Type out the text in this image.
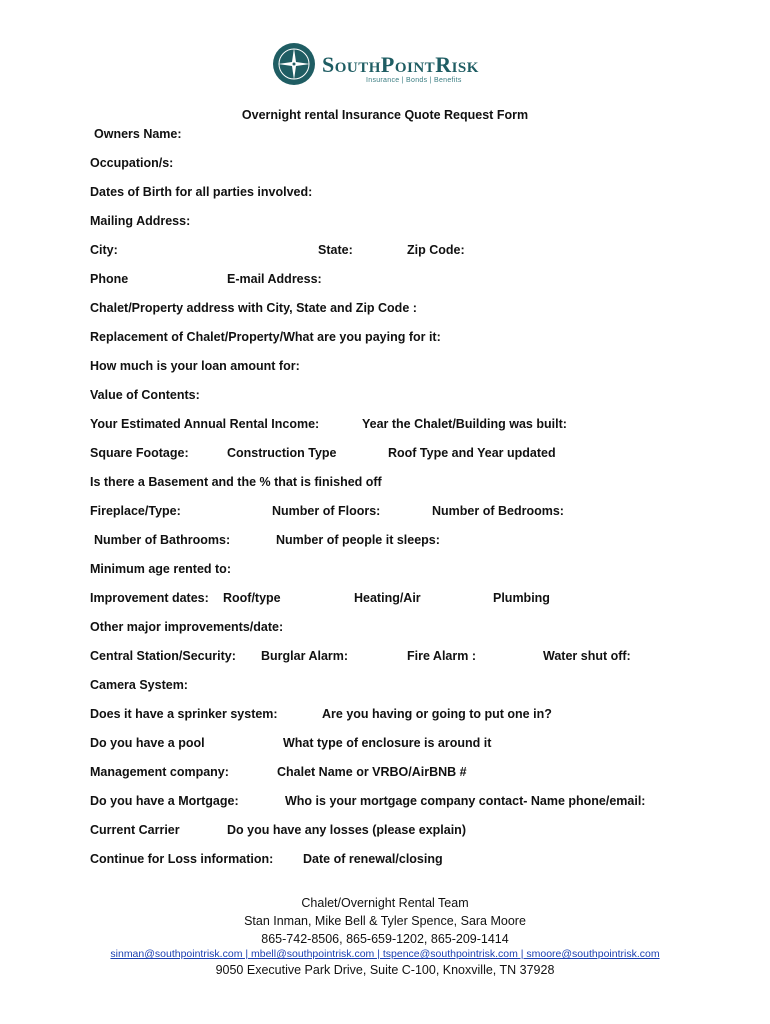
SouthPointRisk
Insurance | Bonds | Benefits
Overnight rental Insurance Quote Request Form
Owners Name:
Occupation/s:
Dates of Birth for all parties involved:
Mailing Address:
City:	State:	Zip Code:
Phone	E-mail Address:
Chalet/Property address with City, State and Zip Code :
Replacement of Chalet/Property/What are you paying for it:
How much is your loan amount for:
Value of Contents:
Your Estimated Annual Rental Income:	Year the Chalet/Building was built:
Square Footage:	Construction Type	Roof Type and Year updated
Is there a Basement and the % that is finished off
Fireplace/Type:	Number of Floors:	Number of Bedrooms:
Number of Bathrooms:	Number of people it sleeps:
Minimum age rented to:
Improvement dates: Roof/type	Heating/Air	Plumbing
Other major improvements/date:
Central Station/Security: Burglar Alarm:	Fire Alarm :	Water shut off:
Camera System:
Does it have a sprinker system:	Are you having or going to put one in?
Do you have a pool	What type of enclosure is around it
Management company:	Chalet Name or VRBO/AirBNB #
Do you have a Mortgage:	Who is your mortgage company contact- Name phone/email:
Current Carrier	Do you have any losses (please explain)
Continue for Loss information: Date of renewal/closing
Chalet/Overnight Rental Team
Stan Inman, Mike Bell & Tyler Spence, Sara Moore
865-742-8506, 865-659-1202, 865-209-1414
sinman@southpointrisk.com | mbell@southpointrisk.com | tspence@southpointrisk.com | smoore@southpointrisk.com
9050 Executive Park Drive, Suite C-100, Knoxville, TN 37928
